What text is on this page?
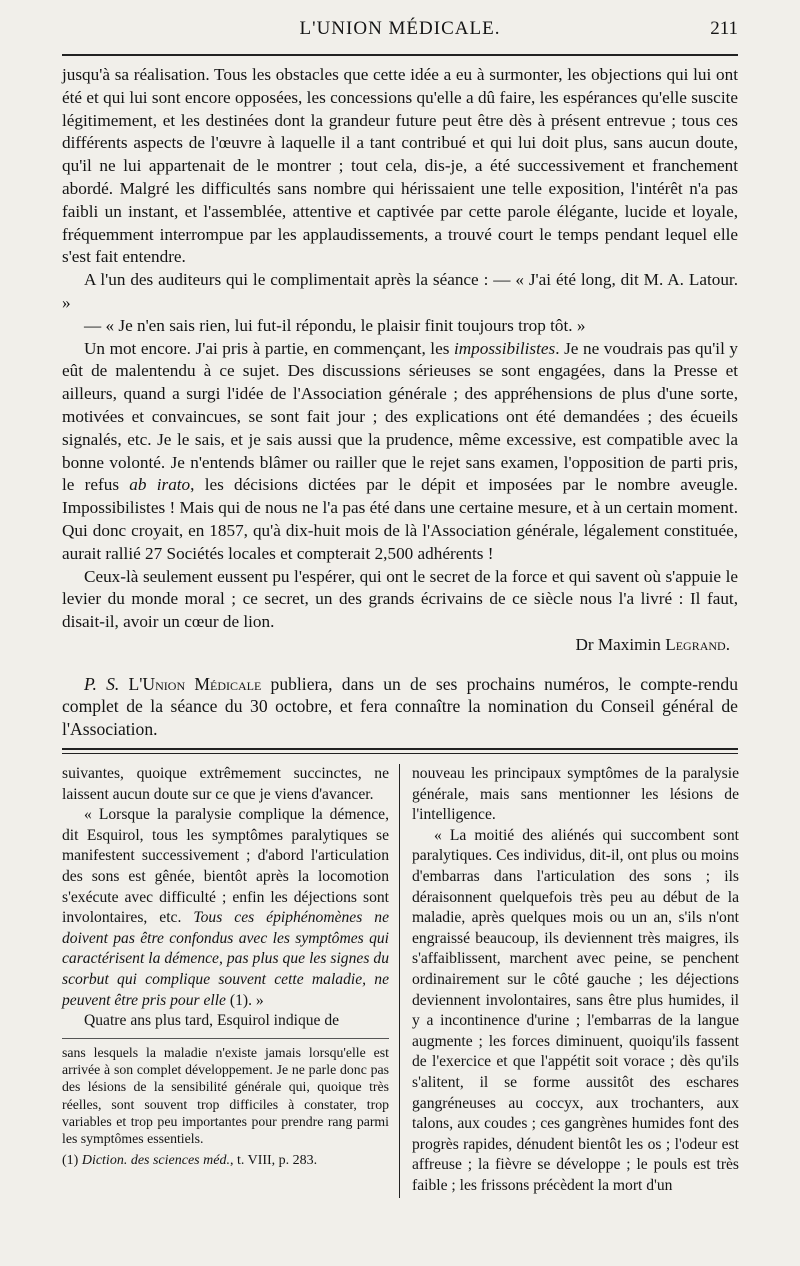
L'UNION MÉDICALE.	211

jusqu'à sa réalisation. Tous les obstacles que cette idée a eu à surmonter, les objections qui lui ont été et qui lui sont encore opposées, les concessions qu'elle a dû faire, les espérances qu'elle suscite légitimement, et les destinées dont la grandeur future peut être dès à présent entrevue ; tous ces différents aspects de l'œuvre à laquelle il a tant contribué et qui lui doit plus, sans aucun doute, qu'il ne lui appartenait de le montrer ; tout cela, dis-je, a été successivement et franchement abordé. Malgré les difficultés sans nombre qui hérissaient une telle exposition, l'intérêt n'a pas faibli un instant, et l'assemblée, attentive et captivée par cette parole élégante, lucide et loyale, fréquemment interrompue par les applaudissements, a trouvé court le temps pendant lequel elle s'est fait entendre.

A l'un des auditeurs qui le complimentait après la séance : — « J'ai été long, dit M. A. Latour. »

— « Je n'en sais rien, lui fut-il répondu, le plaisir finit toujours trop tôt. »

Un mot encore. J'ai pris à partie, en commençant, les impossibilistes. Je ne voudrais pas qu'il y eût de malentendu à ce sujet. Des discussions sérieuses se sont engagées, dans la Presse et ailleurs, quand a surgi l'idée de l'Association générale ; des appréhensions de plus d'une sorte, motivées et convaincues, se sont fait jour ; des explications ont été demandées ; des écueils signalés, etc. Je le sais, et je sais aussi que la prudence, même excessive, est compatible avec la bonne volonté. Je n'entends blâmer ou railler que le rejet sans examen, l'opposition de parti pris, le refus ab irato, les décisions dictées par le dépit et imposées par le nombre aveugle. Impossibilistes ! Mais qui de nous ne l'a pas été dans une certaine mesure, et à un certain moment. Qui donc croyait, en 1857, qu'à dix-huit mois de là l'Association générale, légalement constituée, aurait rallié 27 Sociétés locales et compterait 2,500 adhérents !

Ceux-là seulement eussent pu l'espérer, qui ont le secret de la force et qui savent où s'appuie le levier du monde moral ; ce secret, un des grands écrivains de ce siècle nous l'a livré : Il faut, disait-il, avoir un cœur de lion.

Dr Maximin Legrand.

P. S. L'Union Médicale publiera, dans un de ses prochains numéros, le compte-rendu complet de la séance du 30 octobre, et fera connaître la nomination du Conseil général de l'Association.

suivantes, quoique extrêmement succinctes, ne laissent aucun doute sur ce que je viens d'avancer.

« Lorsque la paralysie complique la démence, dit Esquirol, tous les symptômes paralytiques se manifestent successivement ; d'abord l'articulation des sons est gênée, bientôt après la locomotion s'exécute avec difficulté ; enfin les déjections sont involontaires, etc. Tous ces épiphénomènes ne doivent pas être confondus avec les symptômes qui caractérisent la démence, pas plus que les signes du scorbut qui complique souvent cette maladie, ne peuvent être pris pour elle (1). »

Quatre ans plus tard, Esquirol indique de

sans lesquels la maladie n'existe jamais lorsqu'elle est arrivée à son complet développement. Je ne parle donc pas des lésions de la sensibilité générale qui, quoique très réelles, sont souvent trop difficiles à constater, trop variables et trop peu importantes pour prendre rang parmi les symptômes essentiels.

(1) Diction. des sciences méd., t. VIII, p. 283.

nouveau les principaux symptômes de la paralysie générale, mais sans mentionner les lésions de l'intelligence.

« La moitié des aliénés qui succombent sont paralytiques. Ces individus, dit-il, ont plus ou moins d'embarras dans l'articulation des sons ; ils déraisonnent quelquefois très peu au début de la maladie, après quelques mois ou un an, s'ils n'ont engraissé beaucoup, ils deviennent très maigres, ils s'affaiblissent, marchent avec peine, se penchent ordinairement sur le côté gauche ; les déjections deviennent involontaires, sans être plus humides, il y a incontinence d'urine ; l'embarras de la langue augmente ; les forces diminuent, quoiqu'ils fassent de l'exercice et que l'appétit soit vorace ; dès qu'ils s'alitent, il se forme aussitôt des eschares gangréneuses au coccyx, aux trochanters, aux talons, aux coudes ; ces gangrènes humides font des progrès rapides, dénudent bientôt les os ; l'odeur est affreuse ; la fièvre se développe ; le pouls est très faible ; les frissons précèdent la mort d'un
